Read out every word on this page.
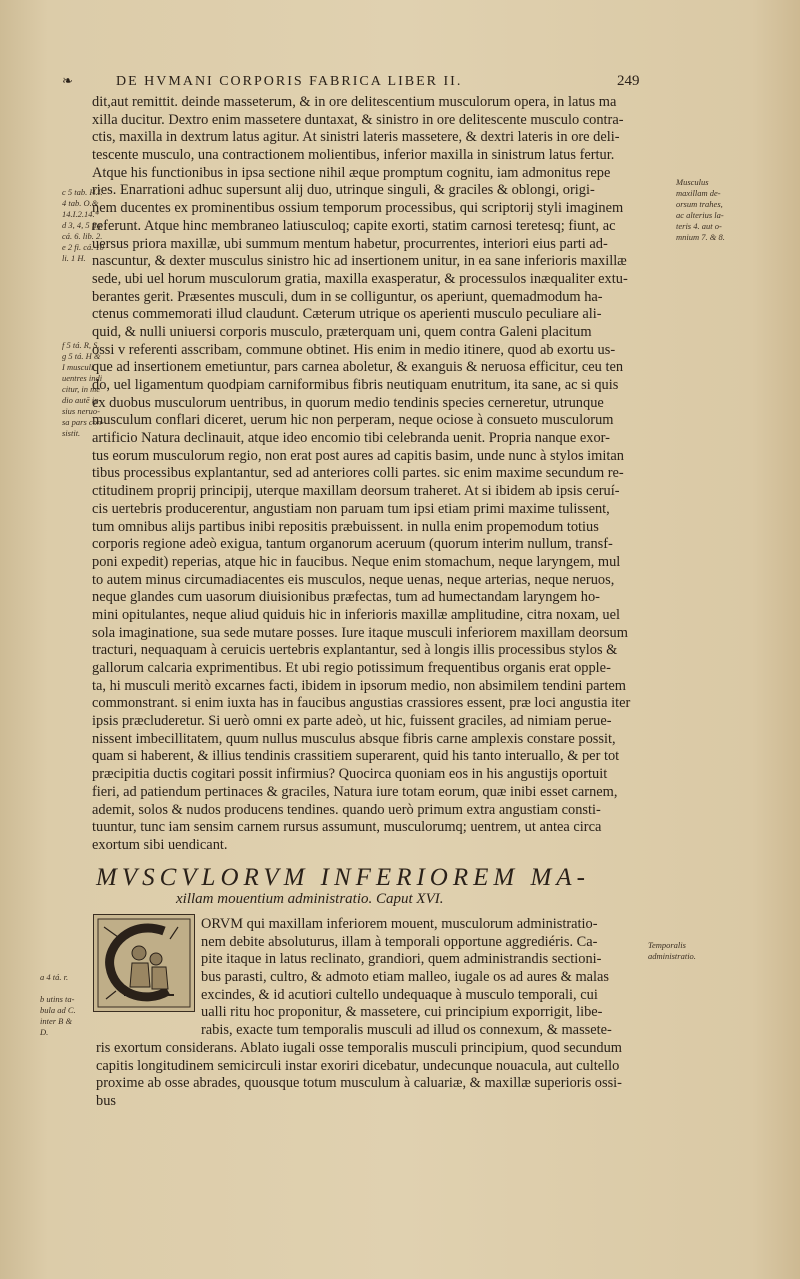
❧	DE HVMANI CORPORIS FABRICA LIBER II.	249
c 5 tab. H.I.
4 tab. O.&
14.I.2.14.*
d 3, 4, 5 fig.
cá. 6. lib. 2.
e 2 fi. cá. 10
li. 1 H.
f 5 tá. R, S.
g 5 tá. H &
I musculi
uentres indi
citur, in me
dio autē ip-
sius neruo-
sa pars con-
sistit.
a 4 tá. r.
b utins ta-
bula ad C.
inter B &
D.
Musculus
maxillam de-
orsum trahes,
ac alterius la-
teris 4. aut o-
mnium 7. & 8.
Temporalis
administratio.
dit,aut remittit. deinde masseterum, & in ore delitescentium musculorum opera, in latus ma
xilla ducitur. Dextro enim massetere duntaxat, & sinistro in ore delitescente musculo contra-
ctis, maxilla in dextrum latus agitur. At sinistri lateris massetere, & dextri lateris in ore deli-
tescente musculo, una contractionem molientibus, inferior maxilla in sinistrum latus fertur.
Atque his functionibus in ipsa sectione nihil æque promptum cognitu, iam admonitus repe
ries. Enarrationi adhuc supersunt alij duo, utrinque singuli, & graciles & oblongi, origi-
nem ducentes ex prominentibus ossium temporum processibus, qui scriptorij styli imaginem
referunt. Atque hinc membraneo latiusculoq; capite exorti, statim carnosi teretesq; fiunt, ac
uersus priora maxillæ, ubi summum mentum habetur, procurrentes, interiori eius parti ad-
nascuntur, & dexter musculus sinistro hic ad insertionem unitur, in ea sane inferioris maxillæ
sede, ubi uel horum musculorum gratia, maxilla exasperatur, & processulos inæqualiter extu-
berantes gerit. Præsentes musculi, dum in se colliguntur, os aperiunt, quemadmodum ha-
ctenus commemorati illud claudunt. Cæterum utrique os aperienti musculo peculiare ali-
quid, & nulli uniuersi corporis musculo, præterquam uni, quem contra Galeni placitum
ossi v referenti asscribam, commune obtinet. His enim in medio itinere, quod ab exortu us-
que ad insertionem emetiuntur, pars carnea aboletur, & exanguis & neruosa efficitur, ceu ten
do, uel ligamentum quodpiam carniformibus fibris neutiquam enutritum, ita sane, ac si quis
ex duobus musculorum uentribus, in quorum medio tendinis species cerneretur, utrunque
musculum conflari diceret, uerum hic non perperam, neque ociose à consueto musculorum
artificio Natura declinauit, atque ideo encomio tibi celebranda uenit. Propria nanque exor-
tus eorum musculorum regio, non erat post aures ad capitis basim, unde nunc à stylos imitan
tibus processibus explantantur, sed ad anteriores colli partes. sic enim maxime secundum re-
ctitudinem proprij principij, uterque maxillam deorsum traheret. At si ibidem ab ipsis ceruí-
cis uertebris producerentur, angustiam non paruam tum ipsi etiam primi maxime tulissent,
tum omnibus alijs partibus inibi repositis præbuissent. in nulla enim propemodum totius
corporis regione adeò exigua, tantum organorum aceruum (quorum interim nullum, transf-
poni expedit) reperias, atque hic in faucibus. Neque enim stomachum, neque laryngem, mul
to autem minus circumadiacentes eis musculos, neque uenas, neque arterias, neque neruos,
neque glandes cum uasorum diuisionibus præfectas, tum ad humectandam laryngem ho-
mini opitulantes, neque aliud quiduis hic in inferioris maxillæ amplitudine, citra noxam, uel
sola imaginatione, sua sede mutare posses. Iure itaque musculi inferiorem maxillam deorsum
tracturi, nequaquam à ceruicis uertebris explantantur, sed à longis illis processibus stylos &
gallorum calcaria exprimentibus. Et ubi regio potissimum frequentibus organis erat opple-
ta, hi musculi meritò excarnes facti, ibidem in ipsorum medio, non absimilem tendini partem
commonstrant. si enim iuxta has in faucibus angustias crassiores essent, præ loci angustia iter
ipsis præcluderetur. Si uerò omni ex parte adeò, ut hic, fuissent graciles, ad nimiam perue-
nissent imbecillitatem, quum nullus musculus absque fibris carne amplexis constare possit,
quam si haberent, & illius tendinis crassitiem superarent, quid his tanto interuallo, & per tot
præcipitia ductis cogitari possit infirmius? Quocirca quoniam eos in his angustijs oportuit
fieri, ad patiendum pertinaces & graciles, Natura iure totam eorum, quæ inibi esset carnem,
ademit, solos & nudos producens tendines. quando uerò primum extra angustiam consti-
tuuntur, tunc iam sensim carnem rursus assumunt, musculorumq; uentrem, ut antea circa
exortum sibi uendicant.
MVSCVLORVM INFERIOREM MA-
xillam mouentium administratio. Caput XVI.
ORVM qui maxillam inferiorem mouent, musculorum administratio-
nem debite absoluturus, illam à temporali opportune aggrediéris. Ca-
pite itaque in latus reclinato, grandiori, quem administrandis sectioni-
bus parasti, cultro, & admoto etiam malleo, iugale os ad aures & malas
excindes, & id acutiori cultello undequaque à musculo temporali, cui
ualli ritu hoc proponitur, & massetere, cui principium exporrigit, libe-
rabis, exacte tum temporalis musculi ad illud os connexum, & massete-
ris exortum considerans. Ablato iugali osse temporalis musculi principium, quod secundum
capitis longitudinem semicirculi instar exoriri dicebatur, undecunque nouacula, aut cultello
proxime ab osse abrades, quousque totum musculum à caluariæ, & maxillæ superioris ossi-
bus
